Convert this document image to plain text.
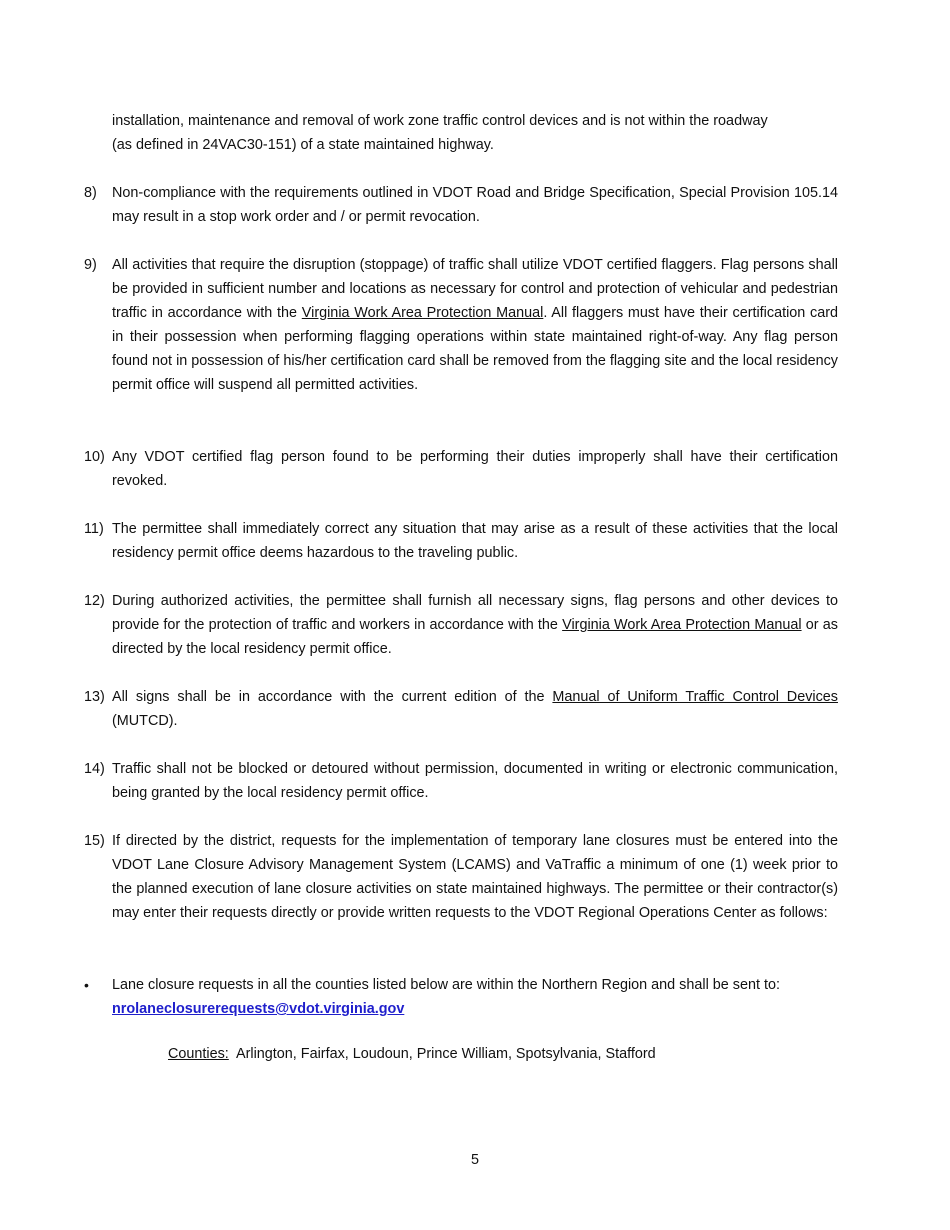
installation, maintenance and removal of work zone traffic control devices and is not within the roadway
(as defined in 24VAC30-151) of a state maintained highway.
8)	Non-compliance with the requirements outlined in VDOT Road and Bridge Specification, Special Provision 105.14 may result in a stop work order and / or permit revocation.
9)	All activities that require the disruption (stoppage) of traffic shall utilize VDOT certified flaggers. Flag persons shall be provided in sufficient number and locations as necessary for control and protection of vehicular and pedestrian traffic in accordance with the Virginia Work Area Protection Manual. All flaggers must have their certification card in their possession when performing flagging operations within state maintained right-of-way. Any flag person found not in possession of his/her certification card shall be removed from the flagging site and the local residency permit office will suspend all permitted activities.
10) Any VDOT certified flag person found to be performing their duties improperly shall have their certification revoked.
11) The permittee shall immediately correct any situation that may arise as a result of these activities that the local residency permit office deems hazardous to the traveling public.
12) During authorized activities, the permittee shall furnish all necessary signs, flag persons and other devices to provide for the protection of traffic and workers in accordance with the Virginia Work Area Protection Manual or as directed by the local residency permit office.
13) All signs shall be in accordance with the current edition of the Manual of Uniform Traffic Control Devices (MUTCD).
14) Traffic shall not be blocked or detoured without permission, documented in writing or electronic communication, being granted by the local residency permit office.
15) If directed by the district, requests for the implementation of temporary lane closures must be entered into the VDOT Lane Closure Advisory Management System (LCAMS) and VaTraffic a minimum of one (1) week prior to the planned execution of lane closure activities on state maintained highways. The permittee or their contractor(s) may enter their requests directly or provide written requests to the VDOT Regional Operations Center as follows:
•	Lane closure requests in all the counties listed below are within the Northern Region and shall be sent to: nrolaneclosurerequests@vdot.virginia.gov
Counties:  Arlington, Fairfax, Loudoun, Prince William, Spotsylvania, Stafford
5
